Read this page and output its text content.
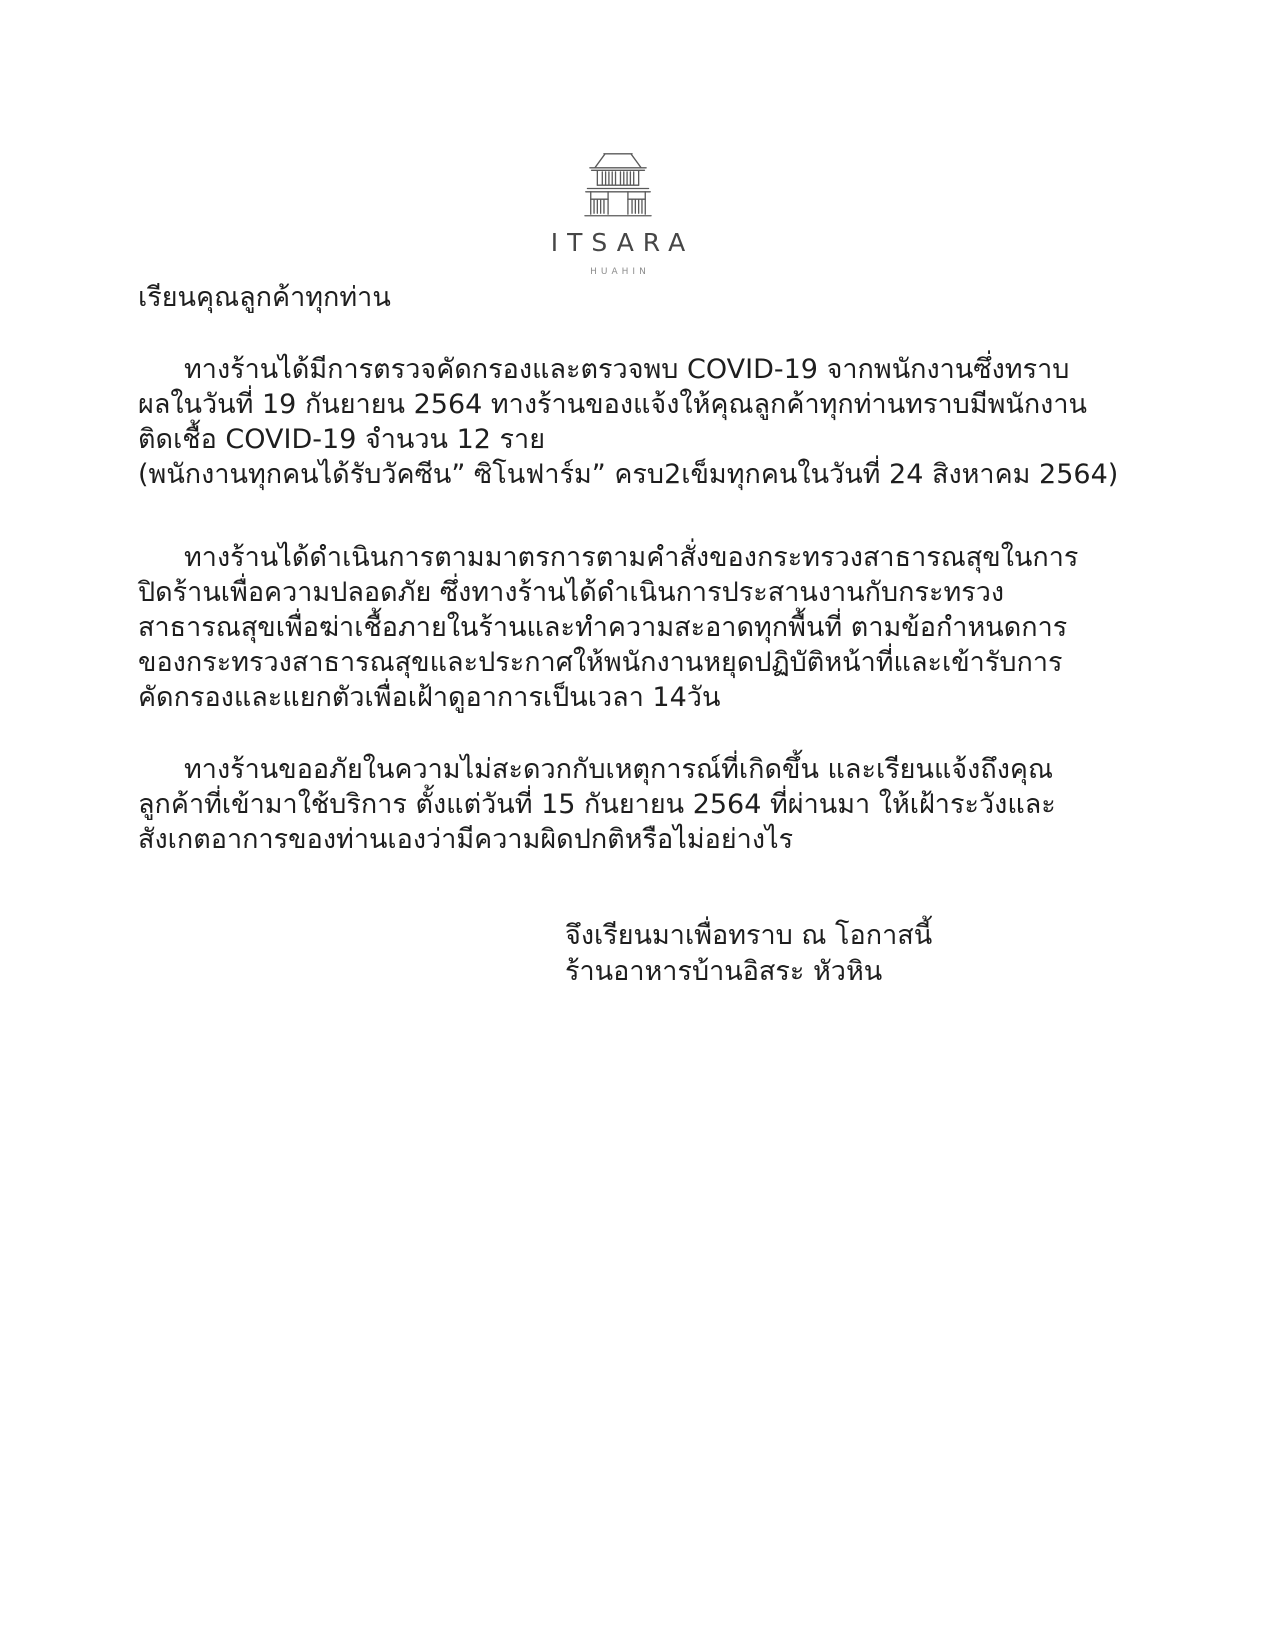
ITSARA
HUAHIN
เรียนคุณลูกค้าทุกท่าน
ทางร้านได้มีการตรวจคัดกรองและตรวจพบ COVID-19 จากพนักงานซึ่งทราบ
ผลในวันที่ 19 กันยายน 2564 ทางร้านของแจ้งให้คุณลูกค้าทุกท่านทราบมีพนักงาน
ติดเชื้อ COVID-19 จำนวน 12 ราย
(พนักงานทุกคนได้รับวัคซีน” ซิโนฟาร์ม” ครบ2เข็มทุกคนในวันที่ 24 สิงหาคม 2564)
ทางร้านได้ดำเนินการตามมาตรการตามคำสั่งของกระทรวงสาธารณสุขในการ
ปิดร้านเพื่อความปลอดภัย ซึ่งทางร้านได้ดำเนินการประสานงานกับกระทรวง
สาธารณสุขเพื่อฆ่าเชื้อภายในร้านและทำความสะอาดทุกพื้นที่ ตามข้อกำหนดการ
ของกระทรวงสาธารณสุขและประกาศให้พนักงานหยุดปฏิบัติหน้าที่และเข้ารับการ
คัดกรองและแยกตัวเพื่อเฝ้าดูอาการเป็นเวลา 14วัน
ทางร้านขออภัยในความไม่สะดวกกับเหตุการณ์ที่เกิดขึ้น และเรียนแจ้งถึงคุณ
ลูกค้าที่เข้ามาใช้บริการ ตั้งแต่วันที่ 15 กันยายน 2564 ที่ผ่านมา ให้เฝ้าระวังและ
สังเกตอาการของท่านเองว่ามีความผิดปกติหรือไม่อย่างไร
จึงเรียนมาเพื่อทราบ ณ โอกาสนี้
ร้านอาหารบ้านอิสระ หัวหิน
